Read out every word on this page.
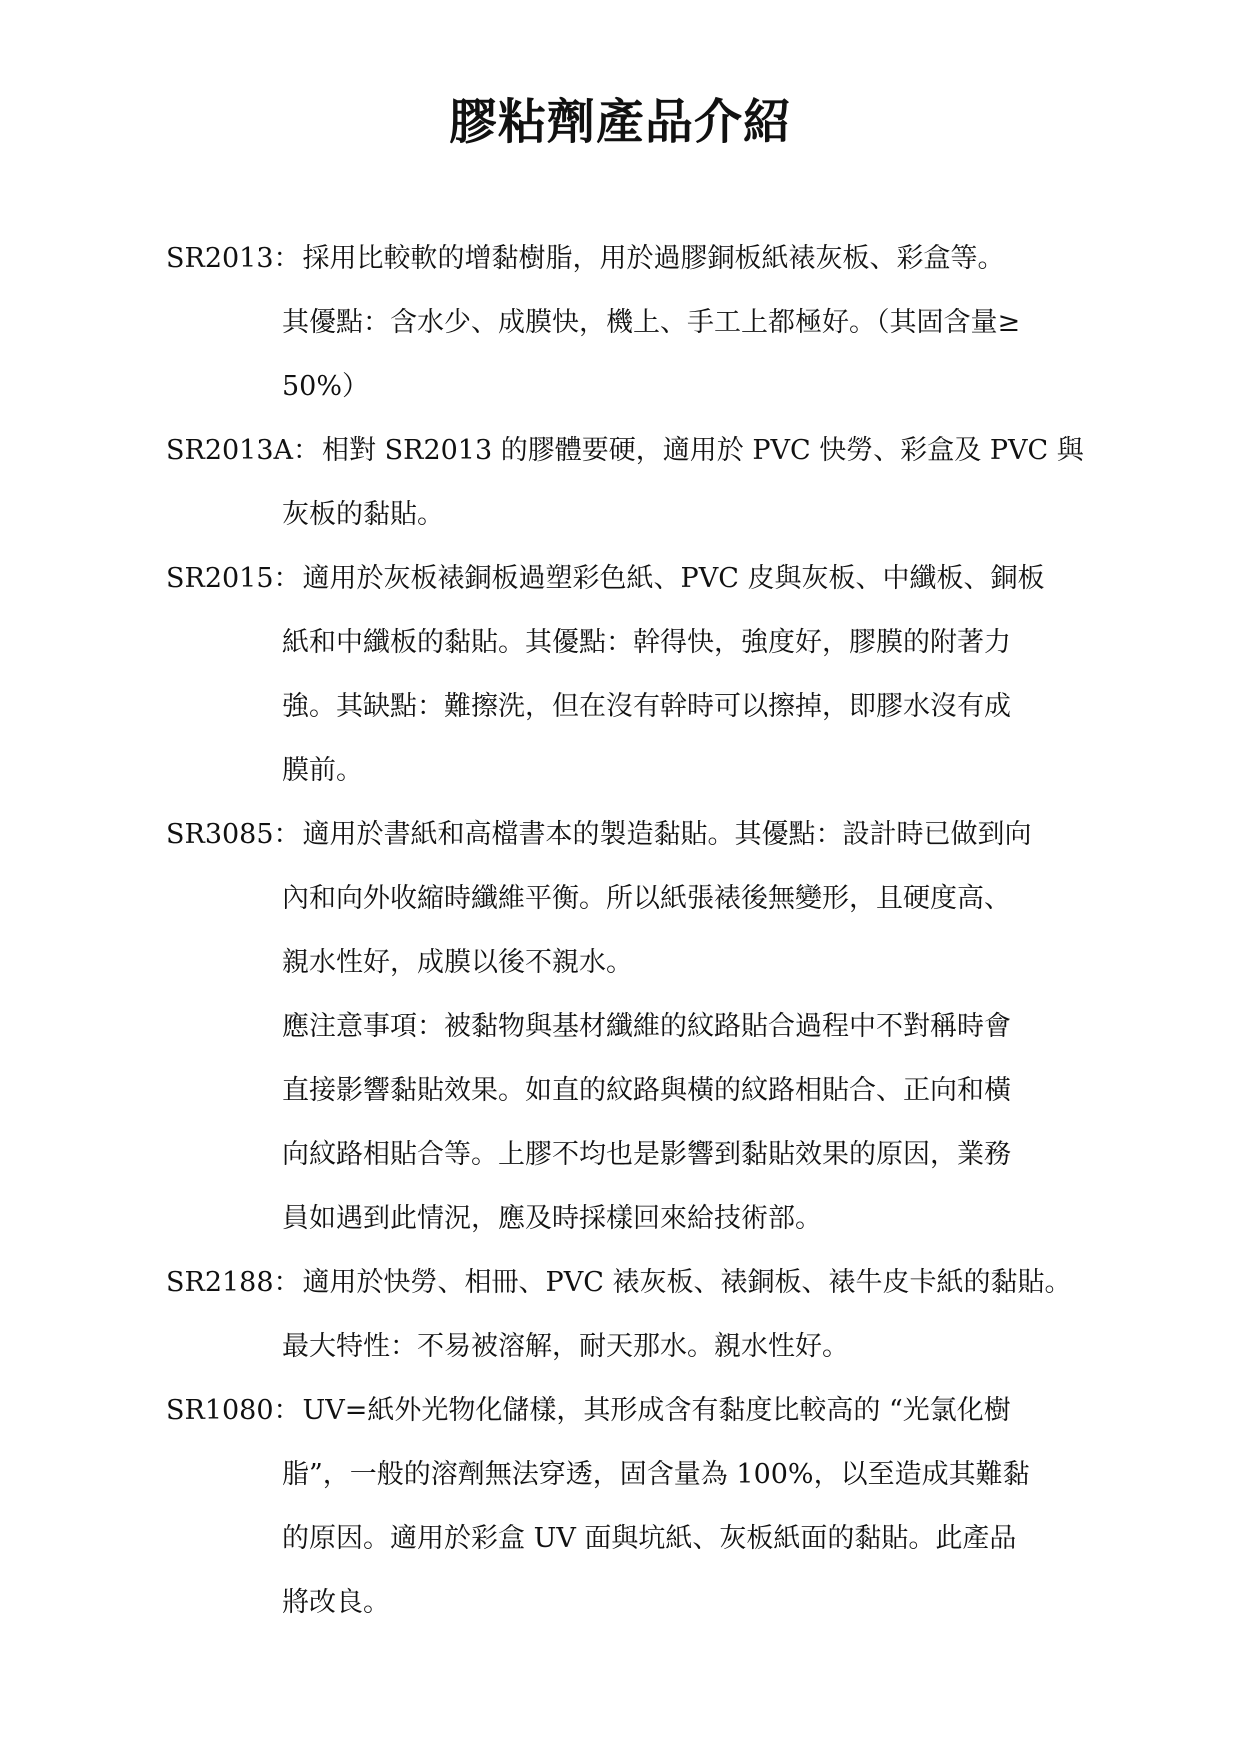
膠粘劑產品介紹
SR2013 ： 採用比較軟的增黏樹脂，用於過膠銅板紙裱灰板、彩盒等。
其優點：含水少、成膜快，機上、手工上都極好。（其固含量≥
50%）
SR2013A ： 相對 SR2013 的膠體要硬，適用於 PVC 快勞、彩盒及 PVC 與
灰板的黏貼。
SR2015 ： 適用於灰板裱銅板過塑彩色紙、PVC 皮與灰板、中纖板、銅板
紙和中纖板的黏貼。其優點：幹得快，強度好，膠膜的附著力
強。其缺點：難擦洗，但在沒有幹時可以擦掉，即膠水沒有成
膜前。
SR3085 ： 適用於書紙和高檔書本的製造黏貼。其優點：設計時已做到向
內和向外收縮時纖維平衡。所以紙張裱後無變形，且硬度高、
親水性好，成膜以後不親水。
應注意事項：被黏物與基材纖維的紋路貼合過程中不對稱時會
直接影響黏貼效果。如直的紋路與橫的紋路相貼合、正向和橫
向紋路相貼合等。上膠不均也是影響到黏貼效果的原因，業務
員如遇到此情況，應及時採樣回來給技術部。
SR2188 ： 適用於快勞、相冊、PVC 裱灰板、裱銅板、裱牛皮卡紙的黏貼。
最大特性：不易被溶解，耐天那水。親水性好。
SR1080 ： UV=紙外光物化儲樣，其形成含有黏度比較高的 “光氯化樹
脂”，一般的溶劑無法穿透，固含量為 100%，以至造成其難黏
的原因。適用於彩盒 UV 面與坑紙、灰板紙面的黏貼。此產品
將改良。
